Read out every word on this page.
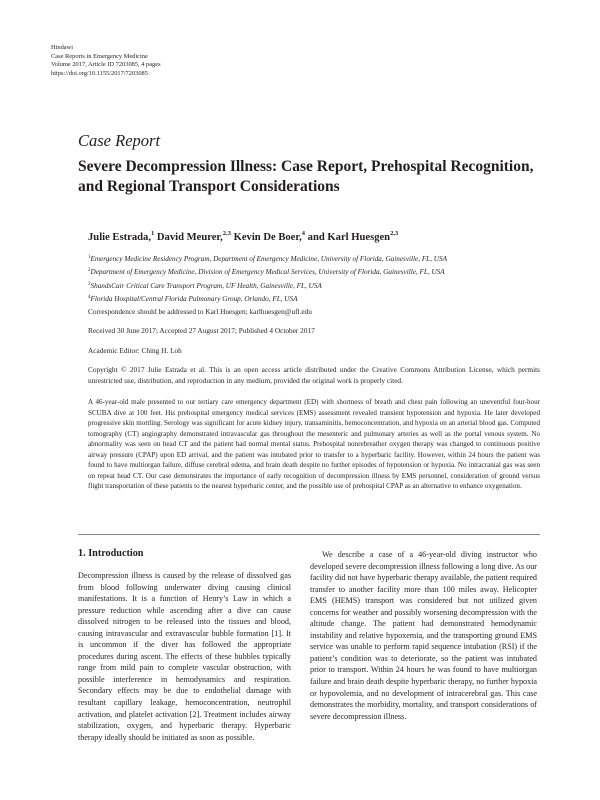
Hindawi
Case Reports in Emergency Medicine
Volume 2017, Article ID 7203085, 4 pages
https://doi.org/10.1155/2017/7203085
Case Report
Severe Decompression Illness: Case Report, Prehospital Recognition, and Regional Transport Considerations
Julie Estrada,$^1$ David Meurer,$^{2,3}$ Kevin De Boer,$^4$ and Karl Huesgen$^{2,3}$
$^1$Emergency Medicine Residency Program, Department of Emergency Medicine, University of Florida, Gainesville, FL, USA
$^2$Department of Emergency Medicine, Division of Emergency Medical Services, University of Florida, Gainesville, FL, USA
$^3$ShandsCair Critical Care Transport Program, UF Health, Gainesville, FL, USA
$^4$Florida Hospital/Central Florida Pulmonary Group, Orlando, FL, USA
Correspondence should be addressed to Karl Huesgen; karlhuesgen@ufl.edu
Received 30 June 2017; Accepted 27 August 2017; Published 4 October 2017
Academic Editor: Ching H. Loh
Copyright © 2017 Julie Estrada et al. This is an open access article distributed under the Creative Commons Attribution License, which permits unrestricted use, distribution, and reproduction in any medium, provided the original work is properly cited.
A 46-year-old male presented to our tertiary care emergency department (ED) with shortness of breath and chest pain following an uneventful four-hour SCUBA dive at 100 feet. His prehospital emergency medical services (EMS) assessment revealed transient hypotension and hypoxia. He later developed progressive skin mottling. Serology was significant for acute kidney injury, transaminitis, hemoconcentration, and hypoxia on an arterial blood gas. Computed tomography (CT) angiography demonstrated intravascular gas throughout the mesenteric and pulmonary arteries as well as the portal venous system. No abnormality was seen on head CT and the patient had normal mental status. Prehospital nonrebreather oxygen therapy was changed to continuous positive airway pressure (CPAP) upon ED arrival, and the patient was intubated prior to transfer to a hyperbaric facility. However, within 24 hours the patient was found to have multiorgan failure, diffuse cerebral edema, and brain death despite no further episodes of hypotension or hypoxia. No intracranial gas was seen on repeat head CT. Our case demonstrates the importance of early recognition of decompression illness by EMS personnel, consideration of ground versus flight transportation of these patients to the nearest hyperbaric center, and the possible use of prehospital CPAP as an alternative to enhance oxygenation.
1. Introduction
Decompression illness is caused by the release of dissolved gas from blood following underwater diving causing clinical manifestations. It is a function of Henry’s Law in which a pressure reduction while ascending after a dive can cause dissolved nitrogen to be released into the tissues and blood, causing intravascular and extravascular bubble formation [1]. It is uncommon if the diver has followed the appropriate procedures during ascent. The effects of these bubbles typically range from mild pain to complete vascular obstruction, with possible interference in hemodynamics and respiration. Secondary effects may be due to endothelial damage with resultant capillary leakage, hemoconcentration, neutrophil activation, and platelet activation [2]. Treatment includes airway stabilization, oxygen, and hyperbaric therapy. Hyperbaric therapy ideally should be initiated as soon as possible.
We describe a case of a 46-year-old diving instructor who developed severe decompression illness following a long dive. As our facility did not have hyperbaric therapy available, the patient required transfer to another facility more than 100 miles away. Helicopter EMS (HEMS) transport was considered but not utilized given concerns for weather and possibly worsening decompression with the altitude change. The patient had demonstrated hemodynamic instability and relative hypoxemia, and the transporting ground EMS service was unable to perform rapid sequence intubation (RSI) if the patient’s condition was to deteriorate, so the patient was intubated prior to transport. Within 24 hours he was found to have multiorgan failure and brain death despite hyperbaric therapy, no further hypoxia or hypovolemia, and no development of intracerebral gas. This case demonstrates the morbidity, mortality, and transport considerations of severe decompression illness.
